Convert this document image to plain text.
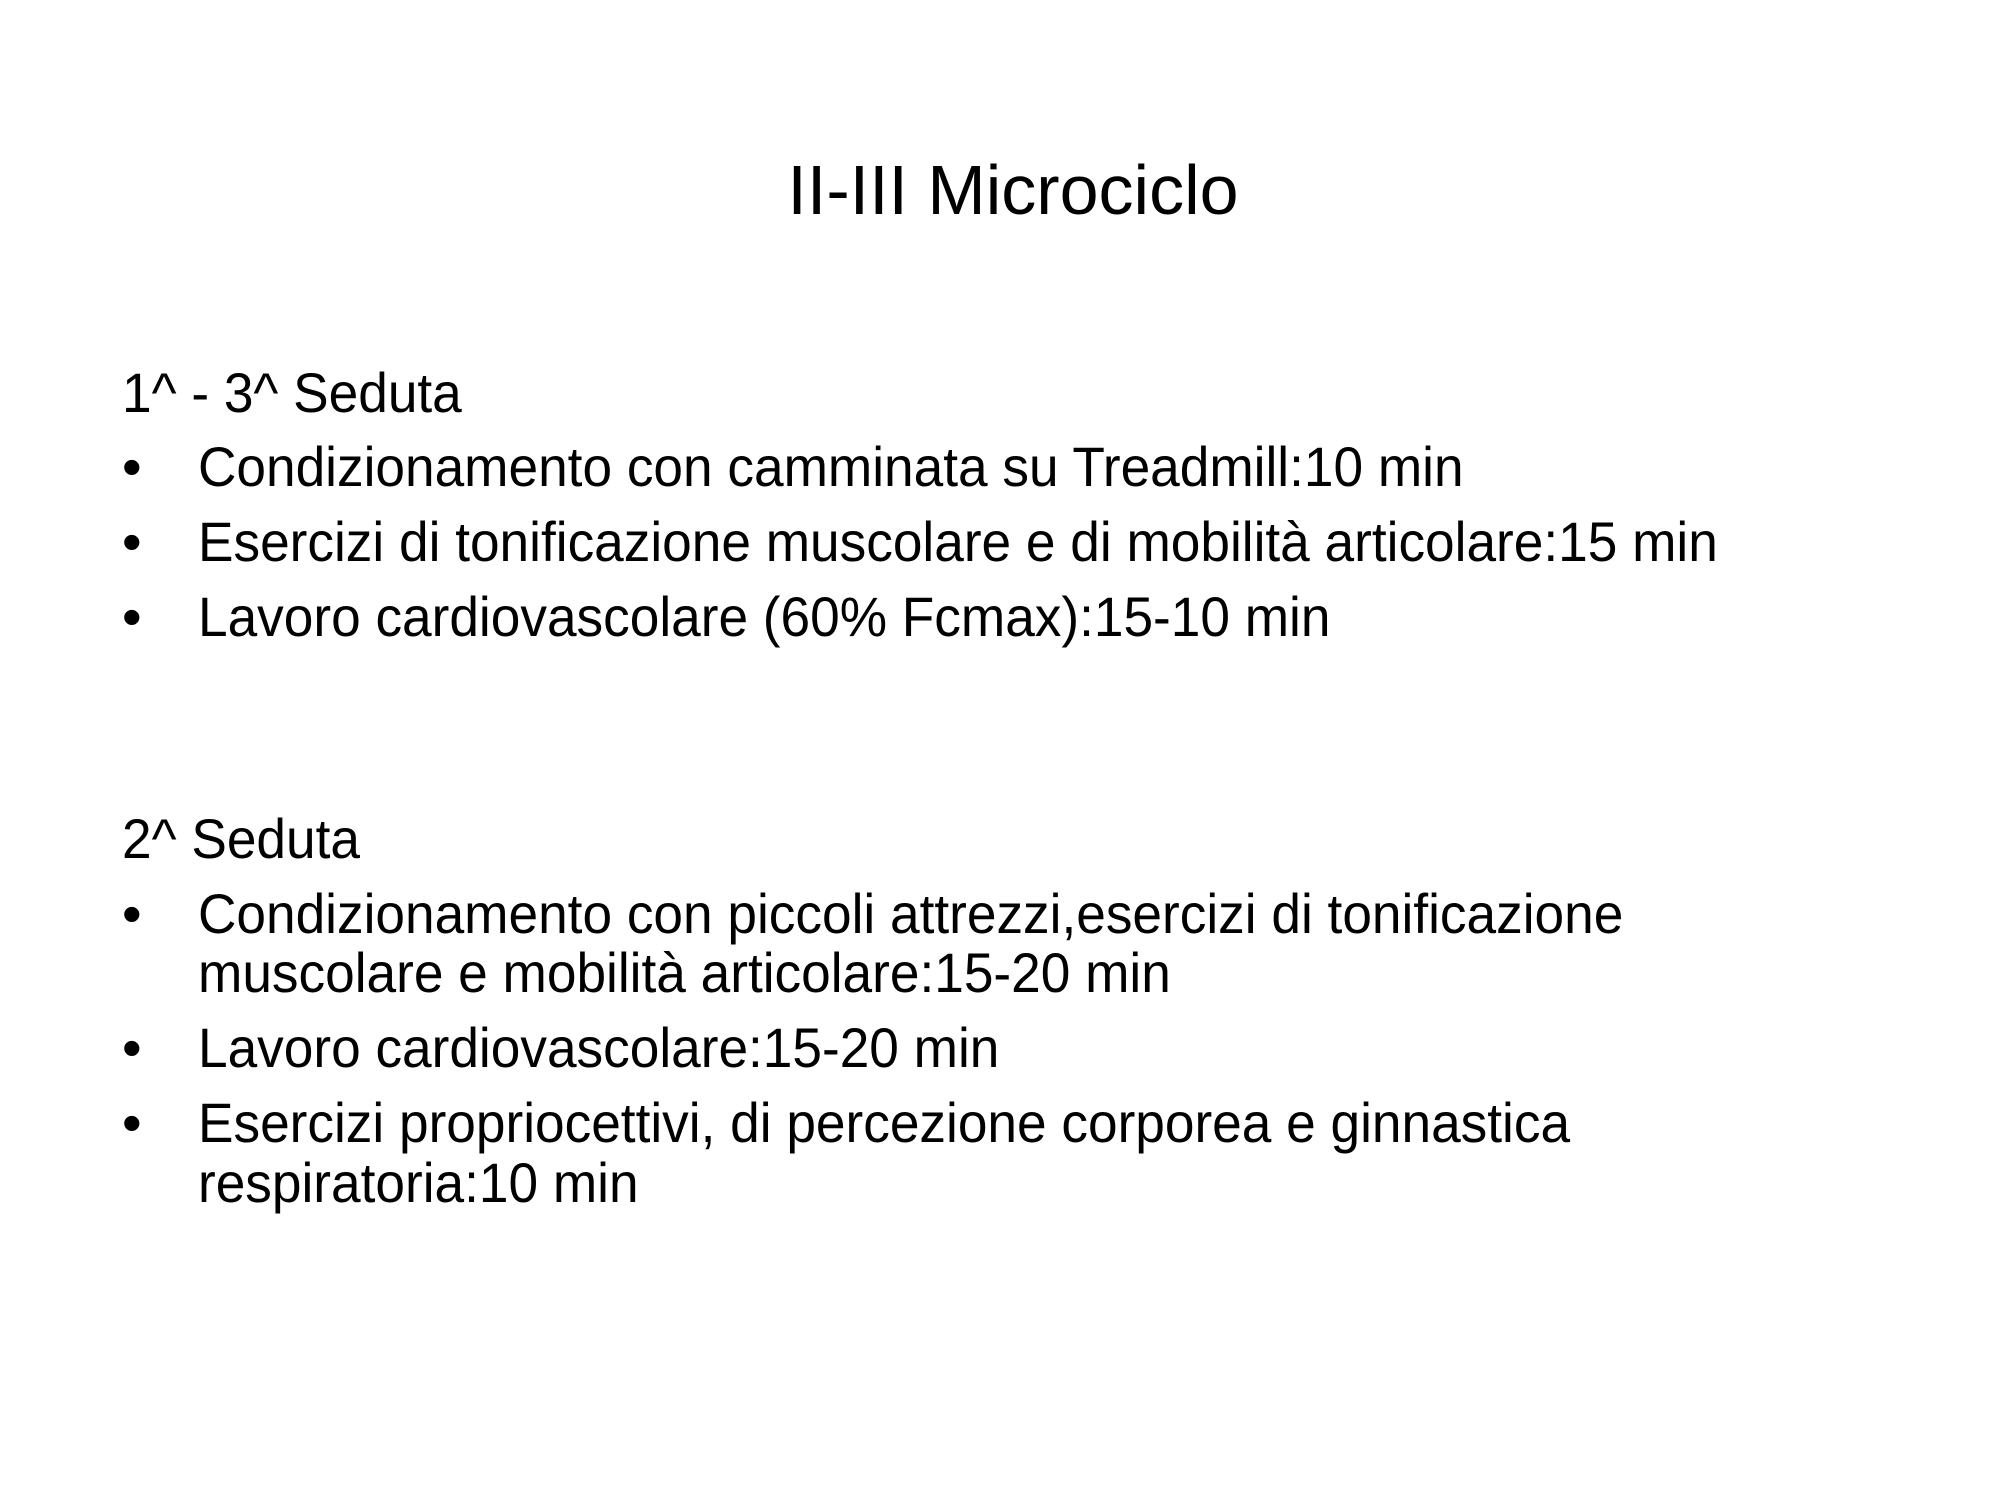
II-III Microciclo
1^ - 3^ Seduta
• Condizionamento con camminata su Treadmill:10 min
• Esercizi di tonificazione muscolare e di mobilità articolare:15 min
• Lavoro cardiovascolare (60% Fcmax):15-10 min
2^ Seduta
• Condizionamento con piccoli attrezzi,esercizi di tonificazione
muscolare e mobilità articolare:15-20 min
• Lavoro cardiovascolare:15-20 min
• Esercizi propriocettivi, di percezione corporea e ginnastica
respiratoria:10 min
